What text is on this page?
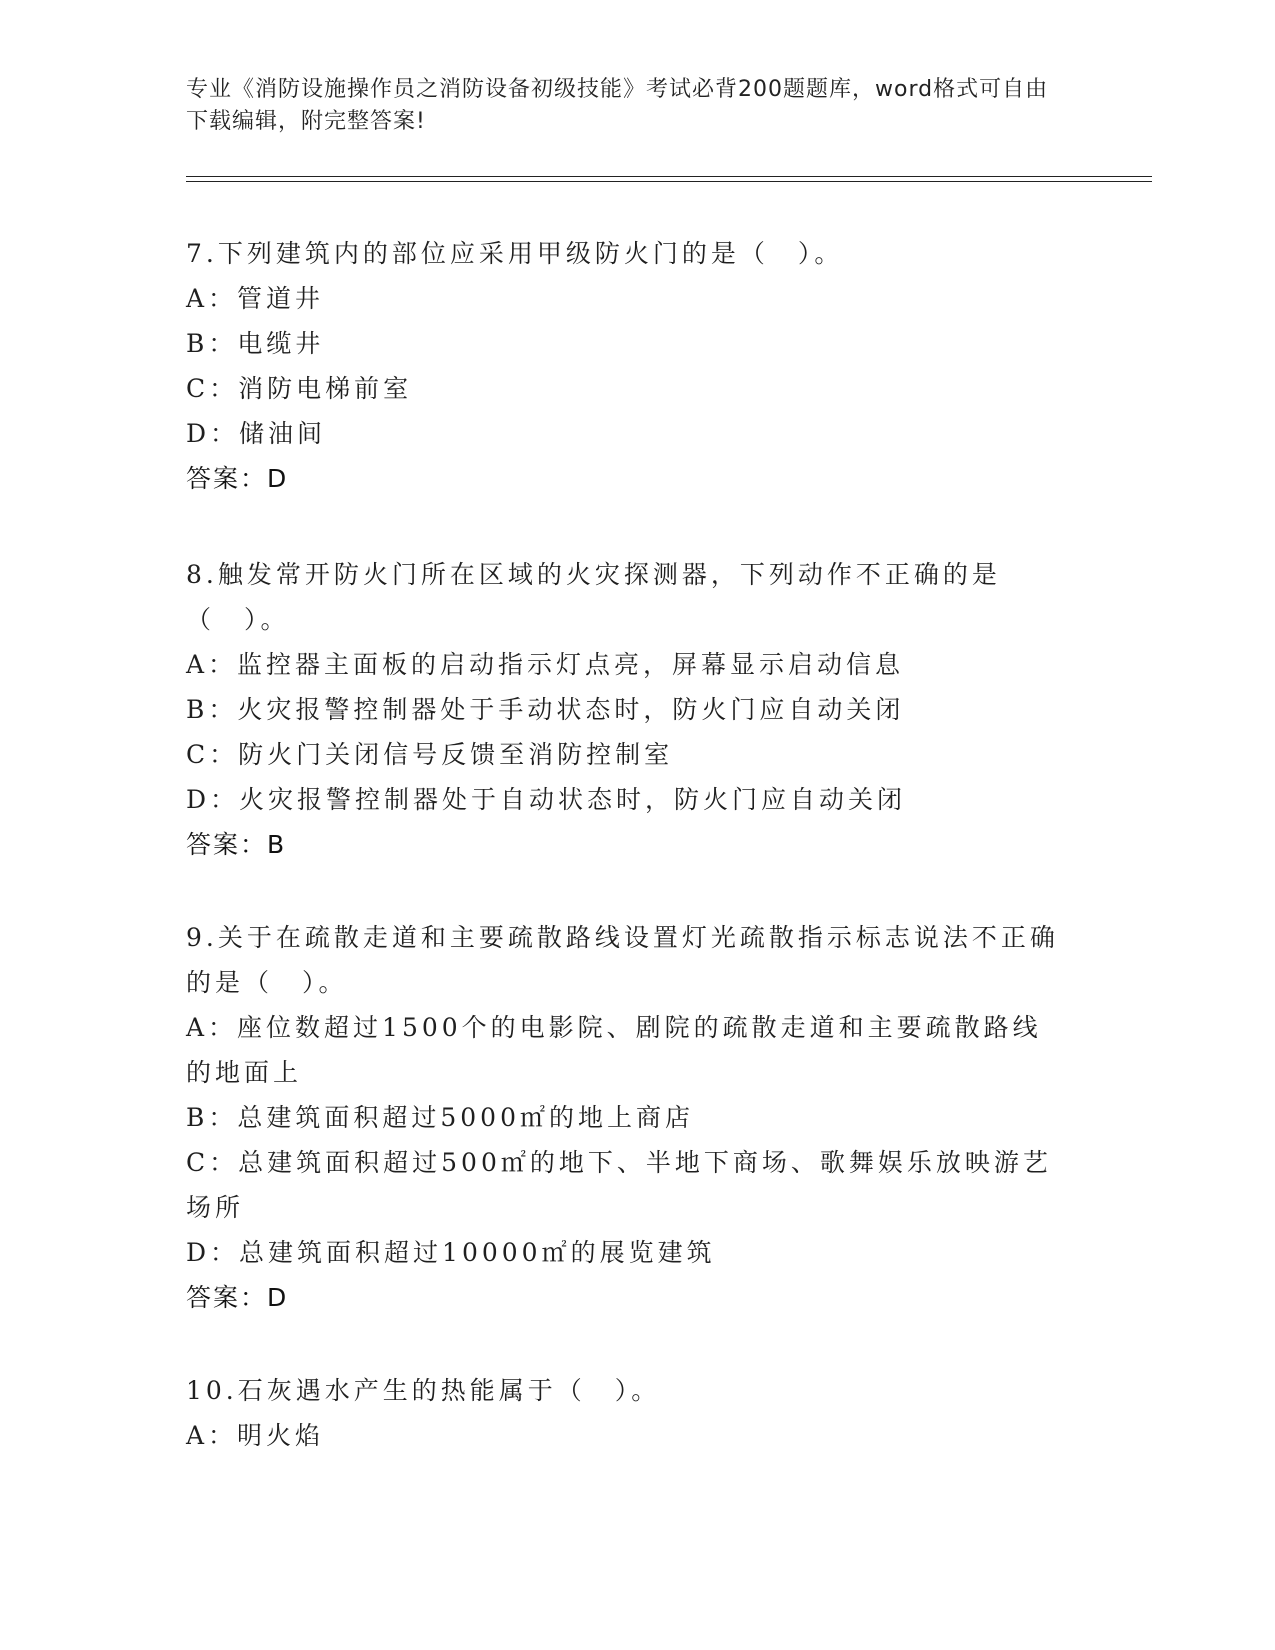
专业《消防设施操作员之消防设备初级技能》考试必背200题题库，word格式可自由下载编辑，附完整答案!
7.下列建筑内的部位应采用甲级防火门的是（　）。
A：管道井
B：电缆井
C：消防电梯前室
D：储油间
答案：D
8.触发常开防火门所在区域的火灾探测器，下列动作不正确的是（　）。
A：监控器主面板的启动指示灯点亮，屏幕显示启动信息
B：火灾报警控制器处于手动状态时，防火门应自动关闭
C：防火门关闭信号反馈至消防控制室
D：火灾报警控制器处于自动状态时，防火门应自动关闭
答案：B
9.关于在疏散走道和主要疏散路线设置灯光疏散指示标志说法不正确的是（　）。
A：座位数超过1500个的电影院、剧院的疏散走道和主要疏散路线的地面上
B：总建筑面积超过5000㎡的地上商店
C：总建筑面积超过500㎡的地下、半地下商场、歌舞娱乐放映游艺场所
D：总建筑面积超过10000㎡的展览建筑
答案：D
10.石灰遇水产生的热能属于（　）。
A：明火焰
